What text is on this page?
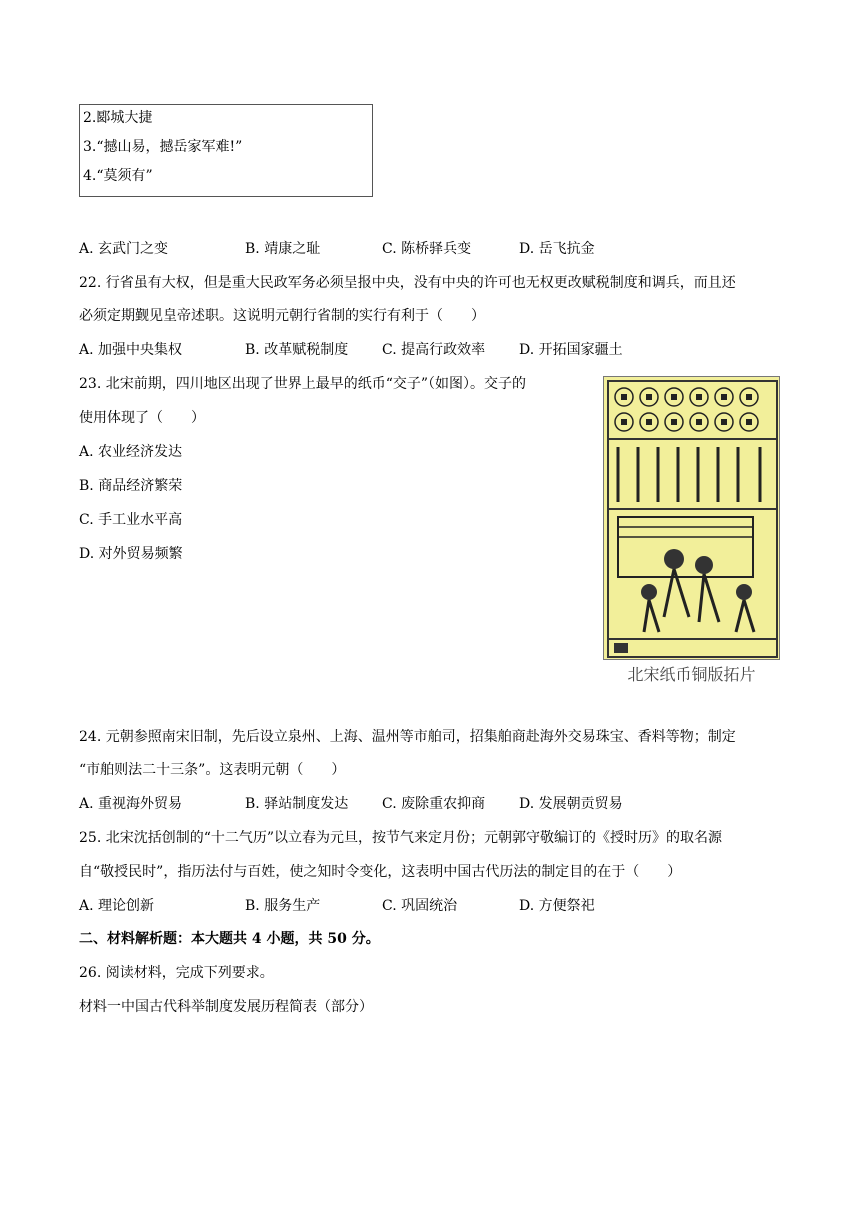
2.郾城大捷
3.“撼山易，撼岳家军难!”
4.“莫须有”
A. 玄武门之变	B. 靖康之耻	C. 陈桥驿兵变	D. 岳飞抗金
22. 行省虽有大权，但是重大民政军务必须呈报中央，没有中央的许可也无权更改赋税制度和调兵，而且还
必须定期觐见皇帝述职。这说明元朝行省制的实行有利于（　　）
A. 加强中央集权	B. 改革赋税制度 C. 提高行政效率 D. 开拓国家疆土
23. 北宋前期，四川地区出现了世界上最早的纸币“交子”（如图）。交子的
使用体现了（　　）
A. 农业经济发达
B. 商品经济繁荣
C. 手工业水平高
D. 对外贸易频繁
北宋纸币铜版拓片
24. 元朝参照南宋旧制，先后设立泉州、上海、温州等市舶司，招集舶商赴海外交易珠宝、香料等物；制定
“市舶则法二十三条”。这表明元朝（　　）
A. 重视海外贸易	B. 驿站制度发达 C. 废除重农抑商 D. 发展朝贡贸易
25. 北宋沈括创制的“十二气历”以立春为元旦，按节气来定月份；元朝郭守敬编订的《授时历》的取名源
自“敬授民时”，指历法付与百姓，使之知时令变化，这表明中国古代历法的制定目的在于（　　）
A. 理论创新	B. 服务生产	C. 巩固统治	D. 方便祭祀
二、材料解析题：本大题共 4 小题，共 50 分。
26. 阅读材料，完成下列要求。
材料一中国古代科举制度发展历程简表（部分）
